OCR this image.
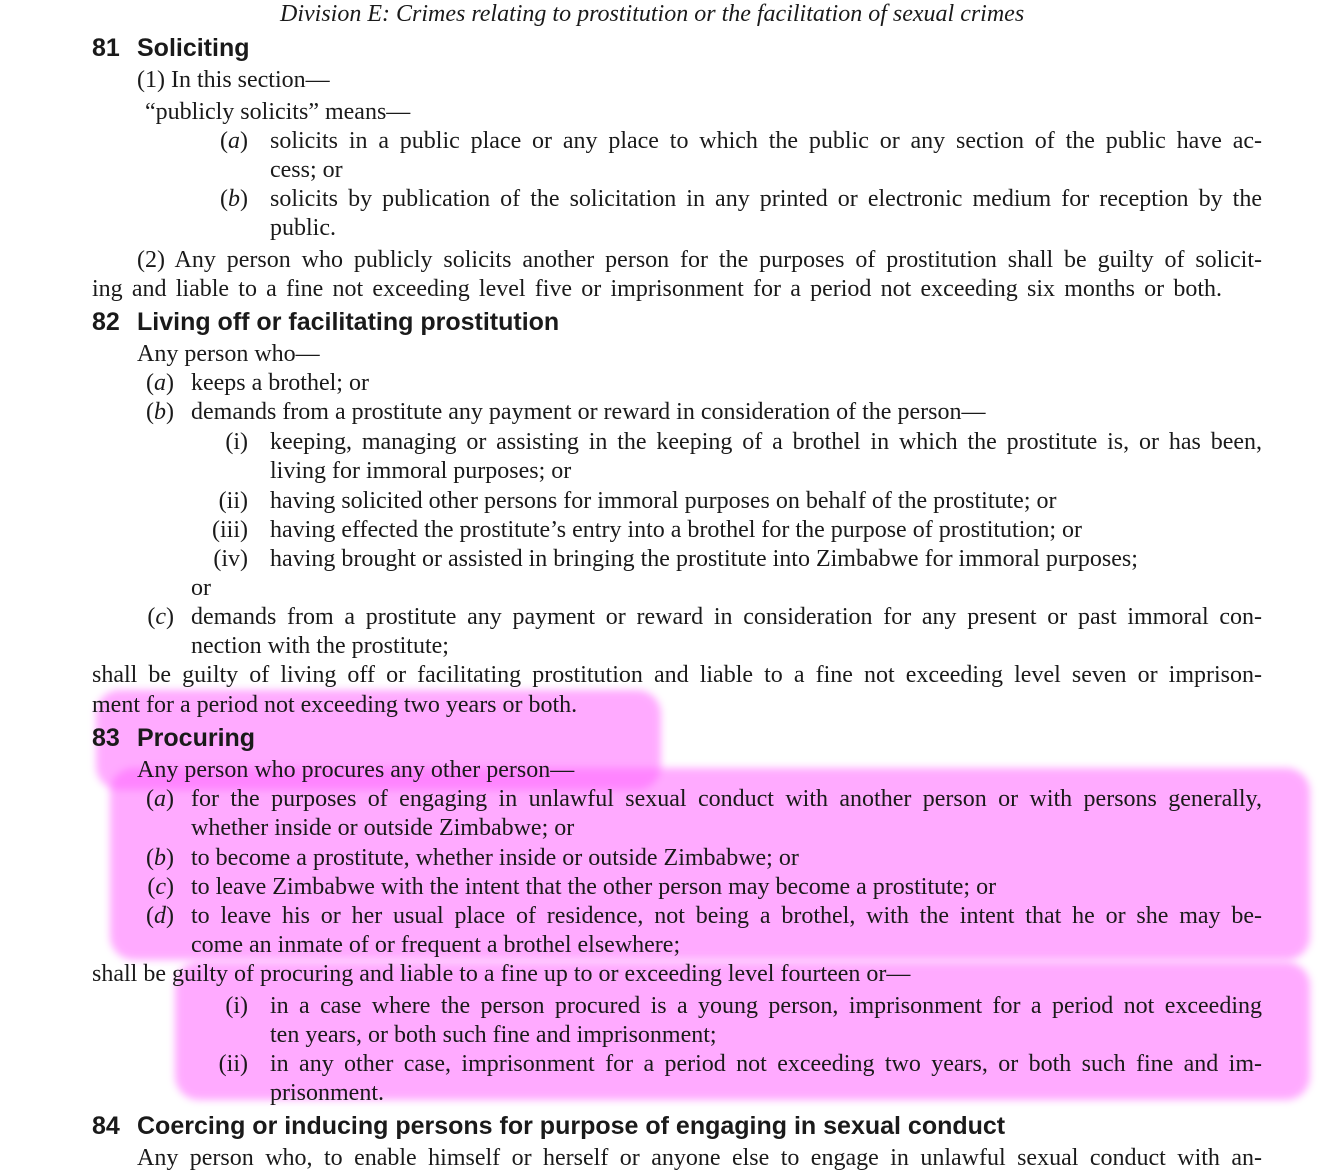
Division E: Crimes relating to prostitution or the facilitation of sexual crimes
81 Soliciting
(1) In this section—
“publicly solicits” means—
(a) solicits in a public place or any place to which the public or any section of the public have ac-
cess; or
(b) solicits by publication of the solicitation in any printed or electronic medium for reception by the
public.
(2) Any person who publicly solicits another person for the purposes of prostitution shall be guilty of solicit-
ing and liable to a fine not exceeding level five or imprisonment for a period not exceeding six months or both.
82 Living off or facilitating prostitution
Any person who—
(a) keeps a brothel; or
(b) demands from a prostitute any payment or reward in consideration of the person—
(i) keeping, managing or assisting in the keeping of a brothel in which the prostitute is, or has been,
living for immoral purposes; or
(ii) having solicited other persons for immoral purposes on behalf of the prostitute; or
(iii) having effected the prostitute’s entry into a brothel for the purpose of prostitution; or
(iv) having brought or assisted in bringing the prostitute into Zimbabwe for immoral purposes;
or
(c) demands from a prostitute any payment or reward in consideration for any present or past immoral con-
nection with the prostitute;
shall be guilty of living off or facilitating prostitution and liable to a fine not exceeding level seven or imprison-
ment for a period not exceeding two years or both.
83 Procuring
Any person who procures any other person—
(a) for the purposes of engaging in unlawful sexual conduct with another person or with persons generally,
whether inside or outside Zimbabwe; or
(b) to become a prostitute, whether inside or outside Zimbabwe; or
(c) to leave Zimbabwe with the intent that the other person may become a prostitute; or
(d) to leave his or her usual place of residence, not being a brothel, with the intent that he or she may be-
come an inmate of or frequent a brothel elsewhere;
shall be guilty of procuring and liable to a fine up to or exceeding level fourteen or—
(i) in a case where the person procured is a young person, imprisonment for a period not exceeding
ten years, or both such fine and imprisonment;
(ii) in any other case, imprisonment for a period not exceeding two years, or both such fine and im-
prisonment.
84 Coercing or inducing persons for purpose of engaging in sexual conduct
Any person who, to enable himself or herself or anyone else to engage in unlawful sexual conduct with an-
